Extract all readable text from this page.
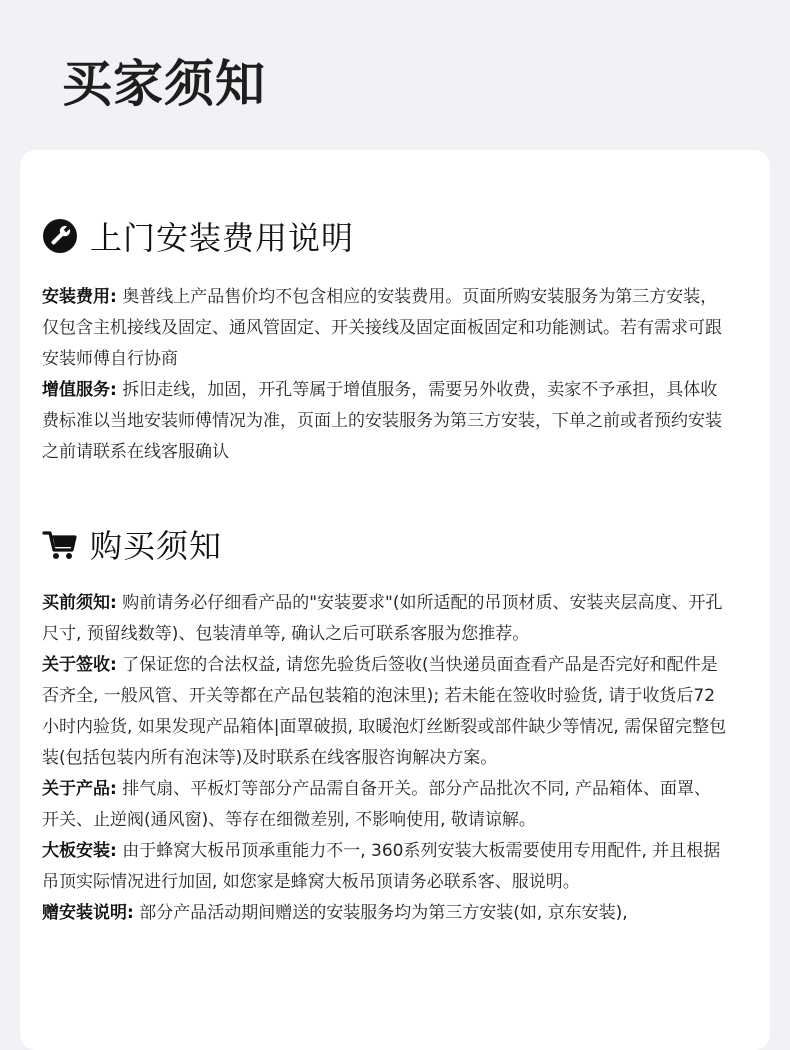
买家须知
上门安装费用说明

安装费用: 奥普线上产品售价均不包含相应的安装费用。页面所购安装服务为第三方安装，仅包含主机接线及固定、通风管固定、开关接线及固定面板固定和功能测试。若有需求可跟安装师傅自行协商

增值服务: 拆旧走线，加固，开孔等属于增值服务，需要另外收费，卖家不予承担，具体收费标准以当地安装师傅情况为准，页面上的安装服务为第三方安装，下单之前或者预约安装之前请联系在线客服确认

购买须知

买前须知: 购前请务必仔细看产品的"安装要求"(如所适配的吊顶材质、安装夹层高度、开孔尺寸, 预留线数等)、包装清单等, 确认之后可联系客服为您推荐。

关于签收: 了保证您的合法权益, 请您先验货后签收(当快递员面查看产品是否完好和配件是否齐全, 一般风管、开关等都在产品包装箱的泡沫里); 若未能在签收时验货, 请于收货后72小时内验货, 如果发现产品箱体|面罩破损, 取暖泡灯丝断裂或部件缺少等情况, 需保留完整包装(包括包装内所有泡沫等)及时联系在线客服咨询解决方案。

关于产品: 排气扇、平板灯等部分产品需自备开关。部分产品批次不同, 产品箱体、面罩、开关、止逆阀(通风窗)、等存在细微差别, 不影响使用, 敬请谅解。

大板安装: 由于蜂窝大板吊顶承重能力不一, 360系列安装大板需要使用专用配件, 并且根据吊顶实际情况进行加固, 如您家是蜂窝大板吊顶请务必联系客、服说明。

赠安装说明: 部分产品活动期间赠送的安装服务均为第三方安装(如, 京东安装),
